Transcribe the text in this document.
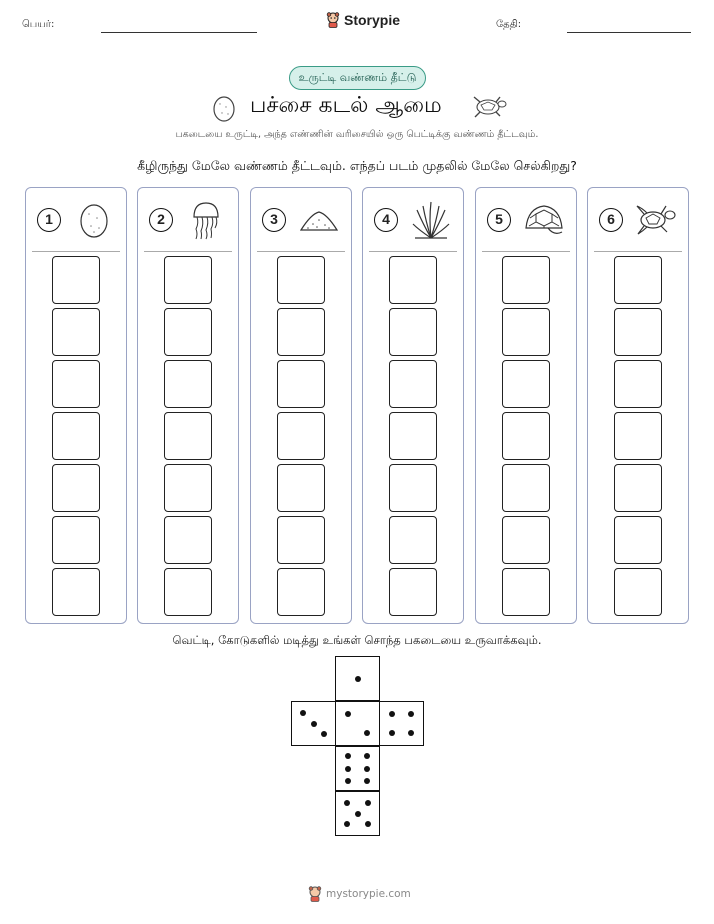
பெயர்:	Storypie	தேதி:
உருட்டி வண்ணம் தீட்டு
பச்சை கடல் ஆமை
பகடையை உருட்டி, அந்த எண்ணின் வரிசையில் ஒரு பெட்டிக்கு வண்ணம் தீட்டவும்.
கீழிருந்து மேலே வண்ணம் தீட்டவும். எந்தப் படம் முதலில் மேலே செல்கிறது?
1	2	3	4	5	6
வெட்டி, கோடுகளில் மடித்து உங்கள் சொந்த பகடையை உருவாக்கவும்.
mystorypie.com
